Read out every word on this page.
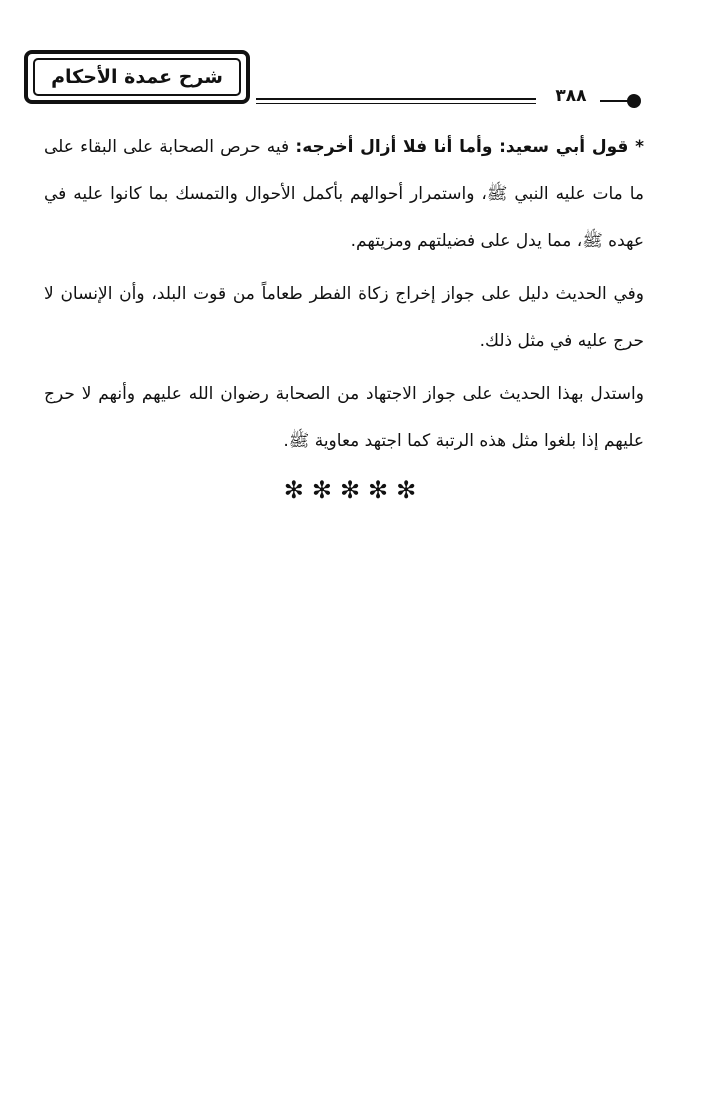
شرح عمدة الأحكام
٣٨٨

* قول أبي سعيد: وأما أنا فلا أزال أخرجه: فيه حرص الصحابة على البقاء على ما مات عليه النبي ﷺ، واستمرار أحوالهم بأكمل الأحوال والتمسك بما كانوا عليه في عهده ﷺ، مما يدل على فضيلتهم ومزيتهم.

وفي الحديث دليل على جواز إخراج زكاة الفطر طعاماً من قوت البلد، وأن الإنسان لا حرج عليه في مثل ذلك.

واستدل بهذا الحديث على جواز الاجتهاد من الصحابة رضوان الله عليهم وأنهم لا حرج عليهم إذا بلغوا مثل هذه الرتبة كما اجتهد معاوية ﷺ.

✻✻✻✻✻
